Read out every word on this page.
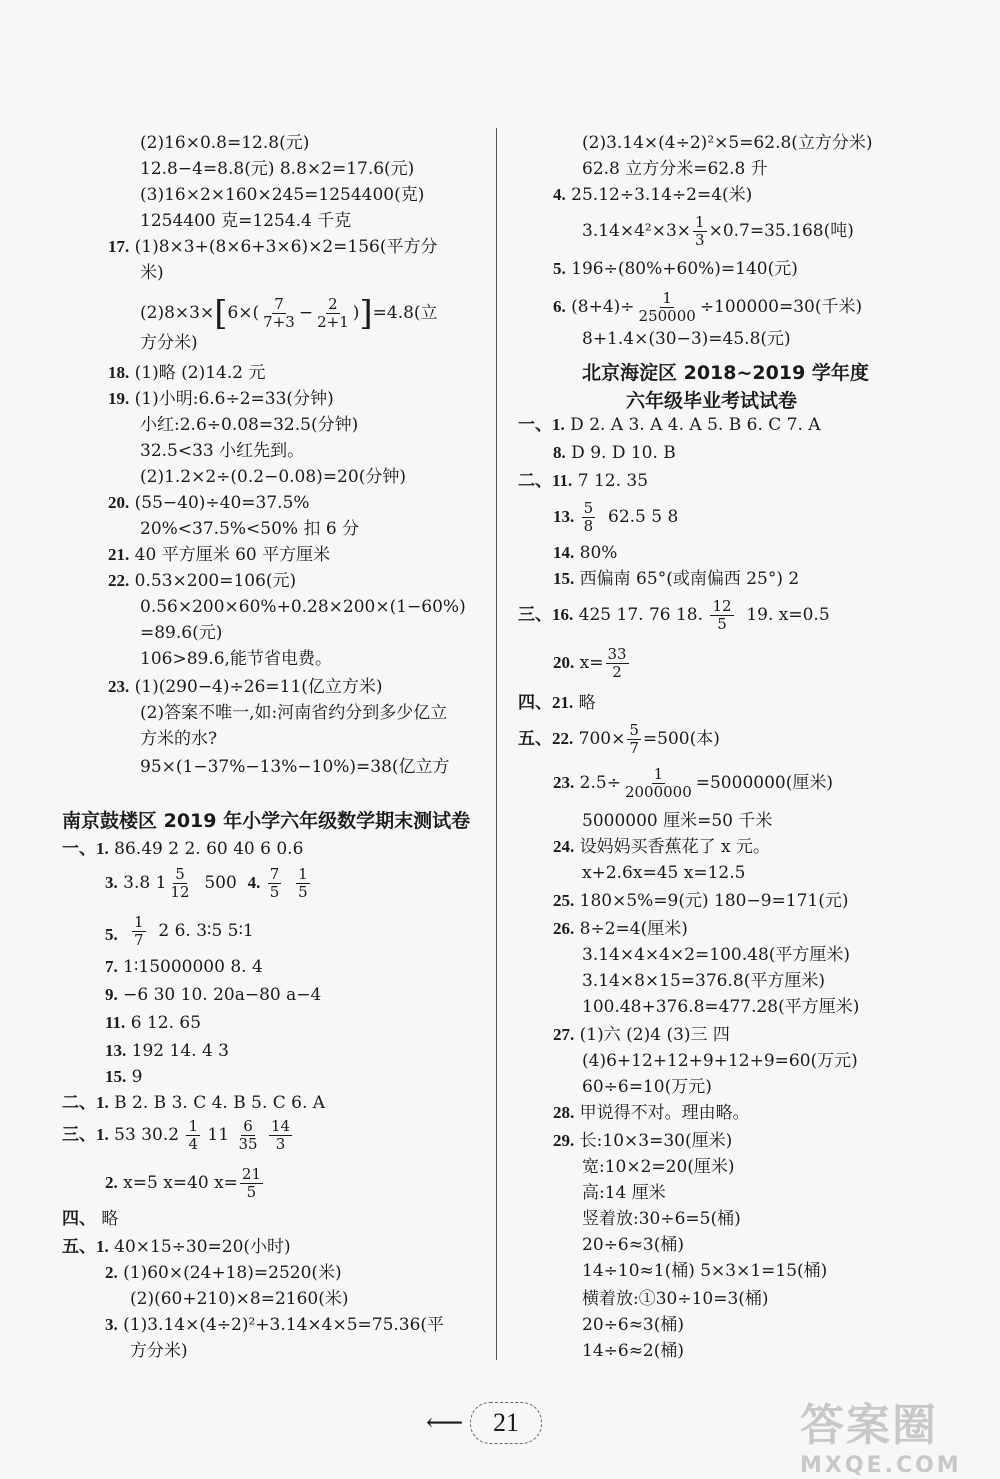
$(2)8\times 3\times[6\times( \frac{7}{7+3} - \frac{2}{2+1} )]=4.8$(立
方分米)
南京鼓楼区 2019 年小学六年级数学期末测试卷
3. 3.8 $1 \frac{5}{12} 500$ 4. $\frac{7}{5}$
$\frac{1}{5}$
$\frac{1}{7} 2$ 6. 3∶5 5∶1
三、1. 53 $30.2 \frac{1}{4} 11 \frac{6}{35}$
$\frac{14}{3}$
2. x=5 x=40 $x= \frac{21}{5}$
$3.14\times 4^2\times 3\times \frac{1}{3} \times 0.7=35.168$(吨)
6. $(8+4)\div \frac{1}{250000} \div 100000=30$(千米)
北京海淀区 2018~2019 学年度
六年级毕业考试试卷
13. $\frac{5}{8} 62.5$ 5 8
三、16. 425 17. 76 18. $\frac{12}{5} 19$. x=0.5
20. $x= \frac{33}{2}$
五、22. $700\times \frac{5}{7} =500$(本)
23. $2.5\div \frac{1}{2000000} =5000000$(厘米)
⟵	21	答案圈
MXQE.COM
(2)16×0.8=12.8(元)
12.8−4=8.8(元) 8.8×2=17.6(元)
(3)16×2×160×245=1254400(克)
1254400 克=1254.4 千克
17. (1)8×3+(8×6+3×6)×2=156(平方分
米)
18. (1)略 (2)14.2 元
19. (1)小明:6.6÷2=33(分钟)
小红:2.6÷0.08=32.5(分钟)
32.5<33 小红先到。
(2)1.2×2÷(0.2−0.08)=20(分钟)
20. (55−40)÷40=37.5%
20%<37.5%<50% 扣 6 分
21. 40 平方厘米 60 平方厘米
22. 0.53×200=106(元)
0.56×200×60%+0.28×200×(1−60%)
=89.6(元)
106>89.6,能节省电费。
23. (1)(290−4)÷26=11(亿立方米)
(2)答案不唯一,如:河南省约分到多少亿立
方米的水?
95×(1−37%−13%−10%)=38(亿立方
一、1. 86.49 2 2. 60 40 6 0.6
5.
7. 1∶15000000 8. 4
9. −6 30 10. 20a−80 a−4
11. 6 12. 65
13. 192 14. 4 3
15. 9
二、1. B 2. B 3. C 4. B 5. C 6. A
四、 略
五、1. 40×15÷30=20(小时)
2. (1)60×(24+18)=2520(米)
(2)(60+210)×8=2160(米)
3. (1)3.14×(4÷2)²+3.14×4×5=75.36(平
方分米)
(2)3.14×(4÷2)²×5=62.8(立方分米)
62.8 立方分米=62.8 升
4. 25.12÷3.14÷2=4(米)
5. 196÷(80%+60%)=140(元)
8+1.4×(30−3)=45.8(元)
一、1. D 2. A 3. A 4. A 5. B 6. C 7. A
8. D 9. D 10. B
二、11. 7 12. 35
14. 80%
15. 西偏南 65°(或南偏西 25°) 2
四、21. 略
5000000 厘米=50 千米
24. 设妈妈买香蕉花了 x 元。
x+2.6x=45 x=12.5
25. 180×5%=9(元) 180−9=171(元)
26. 8÷2=4(厘米)
3.14×4×4×2=100.48(平方厘米)
3.14×8×15=376.8(平方厘米)
100.48+376.8=477.28(平方厘米)
27. (1)六 (2)4 (3)三 四
(4)6+12+12+9+12+9=60(万元)
60÷6=10(万元)
28. 甲说得不对。理由略。
29. 长:10×3=30(厘米)
宽:10×2=20(厘米)
高:14 厘米
竖着放:30÷6=5(桶)
20÷6≈3(桶)
14÷10≈1(桶) 5×3×1=15(桶)
横着放:①30÷10=3(桶)
20÷6≈3(桶)
14÷6≈2(桶)
